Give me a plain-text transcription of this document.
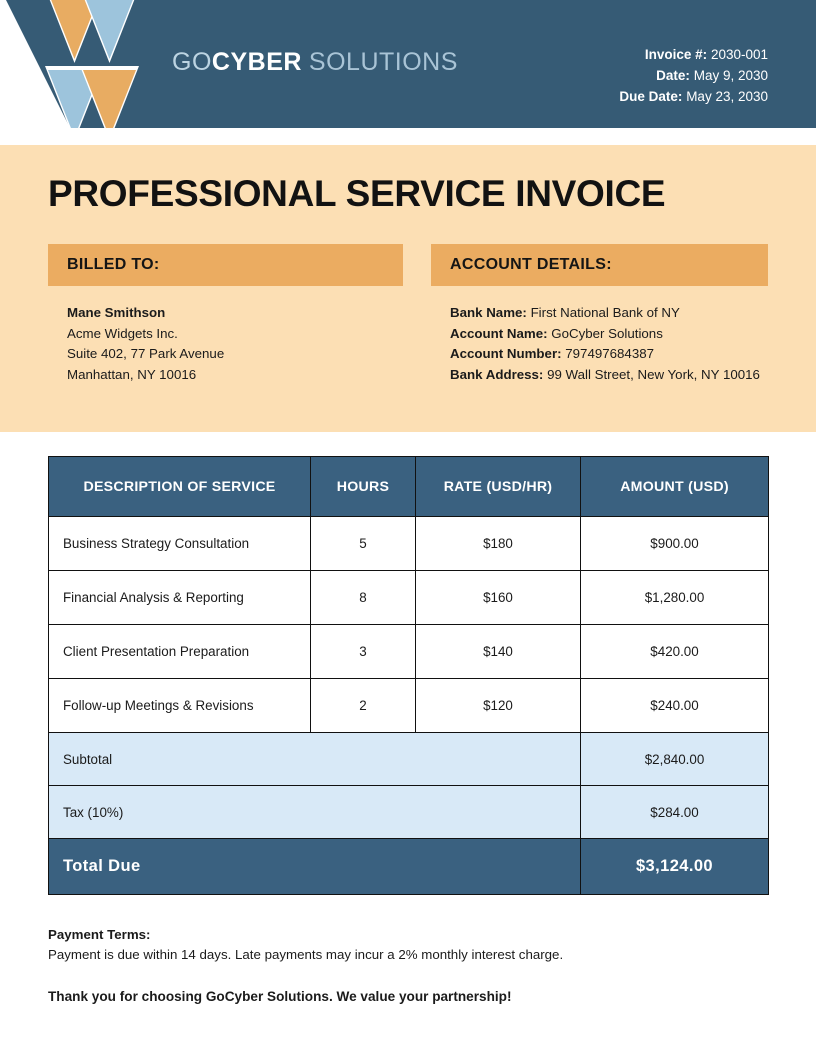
GOCYBER SOLUTIONS	Invoice #: 2030-001
Date: May 9, 2030
Due Date: May 23, 2030
PROFESSIONAL SERVICE INVOICE
BILLED TO:
Mane Smithson
Acme Widgets Inc.
Suite 402, 77 Park Avenue
Manhattan, NY 10016
ACCOUNT DETAILS:
Bank Name: First National Bank of NY
Account Name: GoCyber Solutions
Account Number: 797497684387
Bank Address: 99 Wall Street, New York, NY 10016
DESCRIPTION OF SERVICE	HOURS	RATE (USD/HR)	AMOUNT (USD)
Business Strategy Consultation	5	$180	$900.00
Financial Analysis & Reporting	8	$160	$1,280.00
Client Presentation Preparation	3	$140	$420.00
Follow-up Meetings & Revisions	2	$120	$240.00
Subtotal			$2,840.00
Tax (10%)			$284.00
Total Due			$3,124.00
Payment Terms:
Payment is due within 14 days. Late payments may incur a 2% monthly interest charge.
Thank you for choosing GoCyber Solutions. We value your partnership!
